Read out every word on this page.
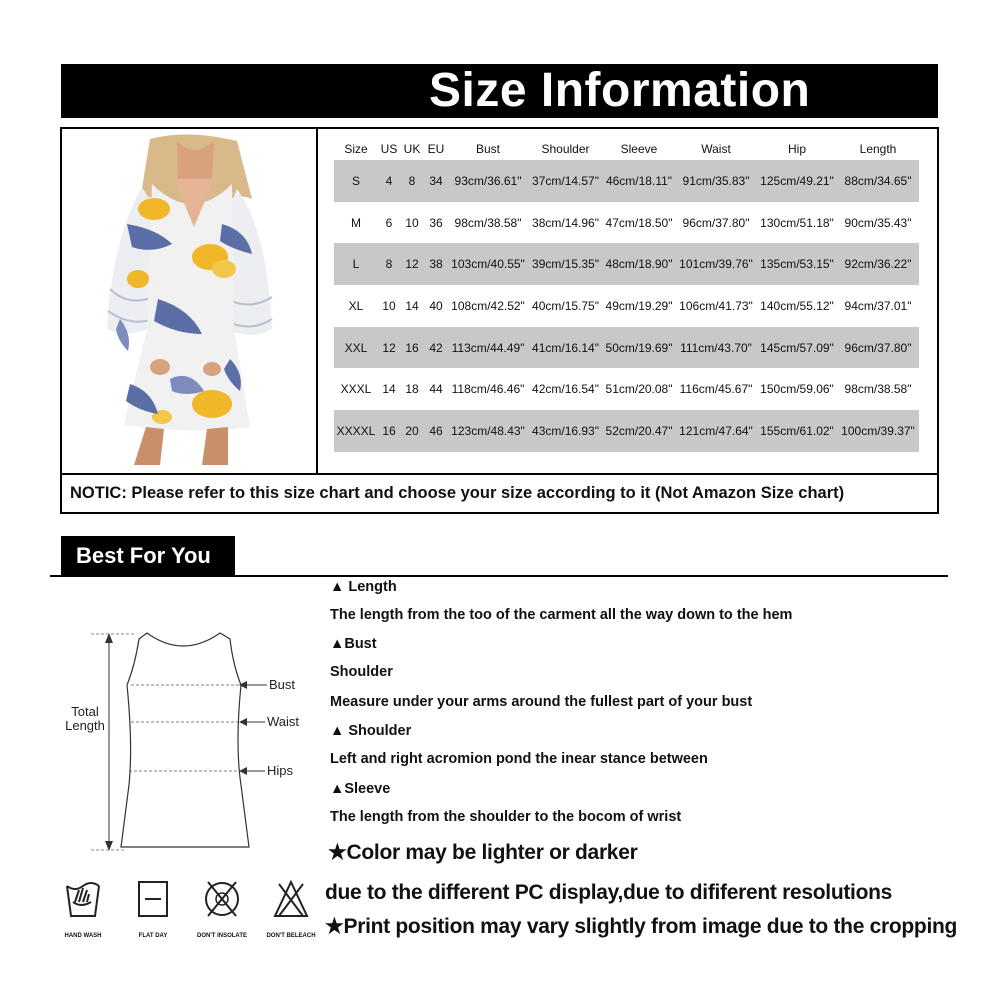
Size Information
NOTIC: Please refer to this size chart and choose your size according to it (Not Amazon Size chart)
Size	US	UK	EU	Bust	Shoulder	Sleeve	Waist	Hip	Length
S	4	8	34	93cm/36.61"	37cm/14.57"	46cm/18.11"	91cm/35.83"	125cm/49.21"	88cm/34.65"
M	6	10	36	98cm/38.58"	38cm/14.96"	47cm/18.50"	96cm/37.80"	130cm/51.18"	90cm/35.43"
L	8	12	38	103cm/40.55"	39cm/15.35"	48cm/18.90"	101cm/39.76"	135cm/53.15"	92cm/36.22"
XL	10	14	40	108cm/42.52"	40cm/15.75"	49cm/19.29"	106cm/41.73"	140cm/55.12"	94cm/37.01"
XXL	12	16	42	113cm/44.49"	41cm/16.14"	50cm/19.69"	111cm/43.70"	145cm/57.09"	96cm/37.80"
XXXL	14	18	44	118cm/46.46"	42cm/16.54"	51cm/20.08"	116cm/45.67"	150cm/59.06"	98cm/38.58"
XXXXL	16	20	46	123cm/48.43"	43cm/16.93"	52cm/20.47"	121cm/47.64"	155cm/61.02"	100cm/39.37"
Best For You
Total
Length
Bust
Waist
Hips
▲ Length
The length from the too of the carment all the way down to the hem
▲Bust
Shoulder
Measure under your arms around the fullest part of your bust
▲ Shoulder
Left and right acromion pond the inear stance between
▲Sleeve
The length from the shoulder to the bocom of wrist
★Color may be lighter or darker
due to the different PC display,due to dififerent resolutions
★Print position may vary slightly from image due to the cropping
HAND WASH	FLAT DAY	DON'T INSOLATE	DON'T BELEACH
